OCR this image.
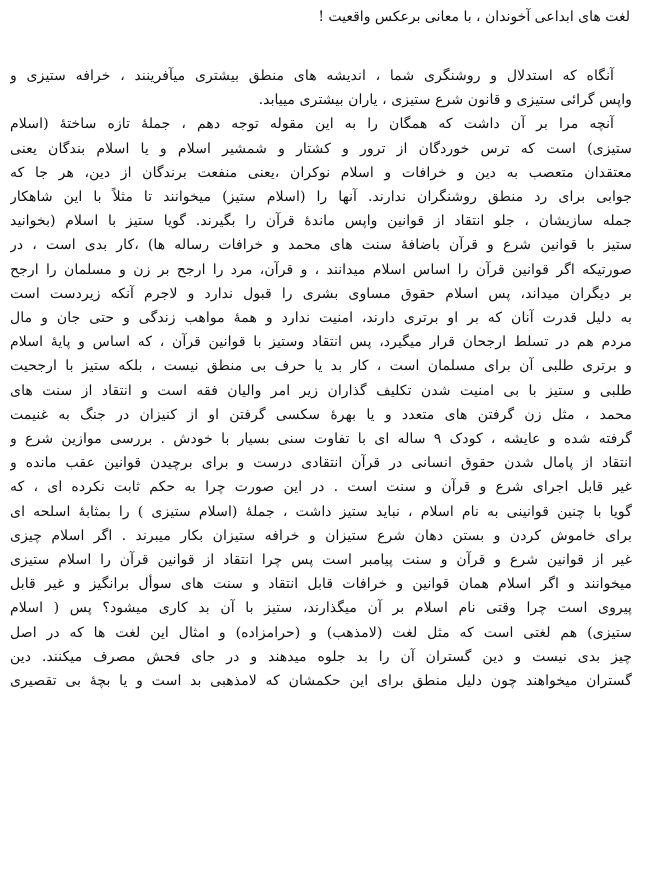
لغت های ابداعی آخوندان ، با معانی برعکس واقعیت !

آنگاه که استدلال و روشنگری شما ، اندیشه های منطق بیشتری میآفرینند ، خرافه ستیزی و
واپس گرائی ستیزی و قانون شرع ستیزی ، یاران بیشتری مییابد.
آنچه مرا بر آن داشت که همگان را به این مقوله توجه دهم ، جملهٔ تازه ساختهٔ (اسلام
ستیزی) است که ترس خوردگان از ترور و کشتار و شمشیر اسلام و یا اسلام بندگان یعنی
معتقدان متعصب به دین و خرافات و اسلام نوکران ،یعنی منفعت برندگان از دین، هر جا که
جوابی برای رد منطق روشنگران ندارند. آنها را (اسلام ستیز) میخوانند تا مثلاً با این شاهکار
جمله سازیشان ، جلو انتقاد از قوانین واپس ماندهٔ قرآن را بگیرند. گویا ستیز با اسلام (بخوانید
ستیز با قوانین شرع و قرآن باضافهٔ سنت های محمد و خرافات رساله ها) ،کار بدی است ، در
صورتیکه اگر قوانین قرآن را اساس اسلام میدانند ، و قرآن، مرد را ارجح بر زن و مسلمان را ارجح
بر دیگران میداند، پس اسلام حقوق مساوی بشری را قبول ندارد و لاجرم آنکه زیردست است
به دلیل قدرت آنان که بر او برتری دارند، امنیت ندارد و همهٔ مواهب زندگی و حتی جان و مال
مردم هم در تسلط ارجحان قرار میگیرد، پس انتقاد وستیز با قوانین قرآن ، که اساس و پایهٔ اسلام
و برتری طلبی آن برای مسلمان است ، کار بد یا حرف بی منطق نیست ، بلکه ستیز با ارجحیت
طلبی و ستیز با بی امنیت شدن تکلیف گذاران زیر امر والیان فقه است و انتقاد از سنت های
محمد ، مثل زن گرفتن های متعدد و یا بهرهٔ سکسی گرفتن او از کنیزان در جنگ به غنیمت
گرفته شده و عایشه ، کودک ۹ ساله ای با تفاوت سنی بسیار با خودش . بررسی موازین شرع و
انتقاد از پامال شدن حقوق انسانی در قرآن انتقادی درست و برای برچیدن قوانین عقب مانده و
غیر قابل اجرای شرع و قرآن و سنت است . در این صورت چرا به حکم ثابت نکرده ای ، که
گویا با چنین قوانینی به نام اسلام ، نباید ستیز داشت ، جملهٔ (اسلام ستیزی ) را بمثابهٔ اسلحه ای
برای خاموش کردن و بستن دهان شرع ستیزان و خرافه ستیزان بکار میبرند . اگر اسلام چیزی
غیر از قوانین شرع و قرآن و سنت پیامبر است پس چرا انتقاد از قوانین قرآن را اسلام ستیزی
میخوانند و اگر اسلام همان قوانین و خرافات قابل انتقاد و سنت های سوأل برانگیز و غیر قابل
پیروی است چرا وقتی نام اسلام بر آن میگذارند، ستیز با آن بد کاری میشود؟ پس ( اسلام
ستیزی) هم لغتی است که مثل لغت (لامذهب) و (حرامزاده) و امثال این لغت ها که در اصل
چیز بدی نیست و دین گستران آن را بد جلوه میدهند و در جای فحش مصرف میکنند. دین
گستران میخواهند چون دلیل منطق برای این حکمشان که لامذهبی بد است و یا بچهٔ بی تقصیری
